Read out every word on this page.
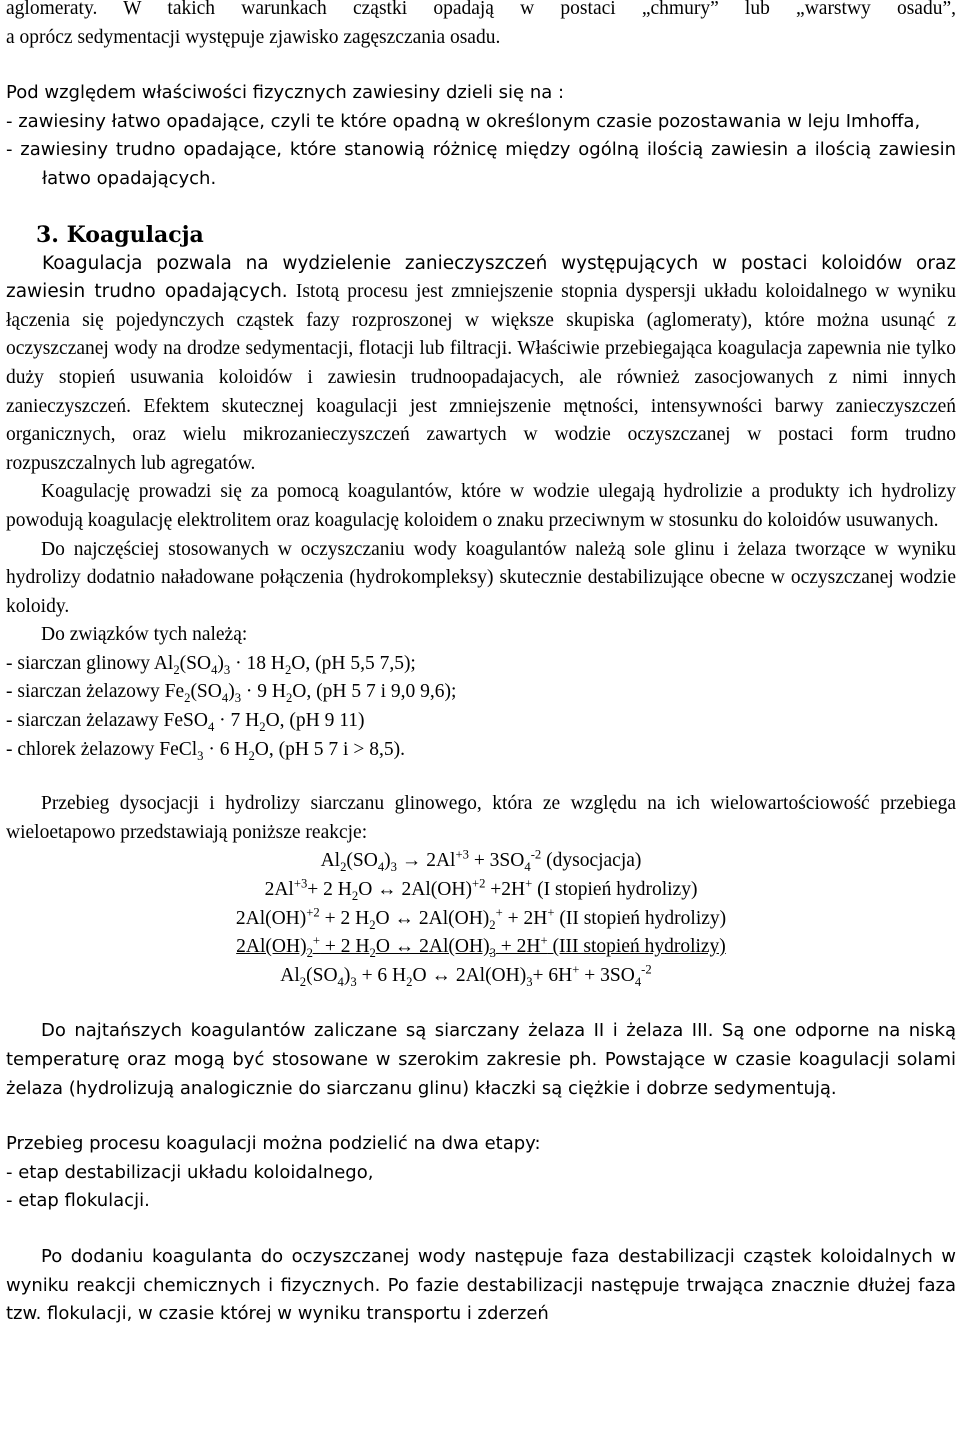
aglomeraty. W takich warunkach cząstki opadają w postaci „chmury” lub „warstwy osadu”,

a oprócz sedymentacji występuje zjawisko zagęszczania osadu.

Pod względem właściwości fizycznych zawiesiny dzieli się na :

- zawiesiny łatwo opadające, czyli te które opadną w określonym czasie pozostawania w leju Imhoffa,

- zawiesiny trudno opadające, które stanowią różnicę między ogólną ilością zawiesin a ilością zawiesin łatwo opadających.

3. Koagulacja

Koagulacja pozwala na wydzielenie zanieczyszczeń występujących w postaci koloidów oraz zawiesin trudno opadających. Istotą procesu jest zmniejszenie stopnia dyspersji układu koloidalnego w wyniku łączenia się pojedynczych cząstek fazy rozproszonej w większe skupiska (aglomeraty), które można usunąć z oczyszczanej wody na drodze sedymentacji, flotacji lub filtracji. Właściwie przebiegająca koagulacja zapewnia nie tylko duży stopień usuwania koloidów i zawiesin trudnoopadajacych, ale również zasocjowanych z nimi innych zanieczyszczeń. Efektem skutecznej koagulacji jest zmniejszenie mętności, intensywności barwy zanieczyszczeń organicznych, oraz wielu mikrozanieczyszczeń zawartych w wodzie oczyszczanej w postaci form trudno rozpuszczalnych lub agregatów.

Koagulację prowadzi się za pomocą koagulantów, które w wodzie ulegają hydrolizie a produkty ich hydrolizy powodują koagulację elektrolitem oraz koagulację koloidem o znaku przeciwnym w stosunku do koloidów usuwanych.

Do najczęściej stosowanych w oczyszczaniu wody koagulantów należą sole glinu i żelaza tworzące w wyniku hydrolizy dodatnio naładowane połączenia (hydrokompleksy) skutecznie destabilizujące obecne w oczyszczanej wodzie koloidy.

Do związków tych należą:

- siarczan glinowy $Al_2(SO_4)_3 \cdot 18$ $H_2O$, (pH 5,5 7,5);

- siarczan żelazowy $Fe_2(SO_4)_3 \cdot 9$ $H_2O$, (pH 5 7 i 9,0 9,6);

- siarczan żelazawy FeSO$_4$ · 7 $H_2O$, (pH 9 11)

- chlorek żelazowy FeCl$_3$ · 6 $H_2O$, (pH 5 7 i > 8,5).

Przebieg dysocjacji i hydrolizy siarczanu glinowego, która ze względu na ich wielowartościowość przebiega wieloetapowo przedstawiają poniższe reakcje:

$Al_2(SO_4)_3 \to 2Al^{+3} + 3SO_4^{-2}$ (dysocjacja)
$2Al^{+3}+ 2$ $H_2O$ ↔ 2Al(OH)$^{+2}$ +2H+ (I stopień hydrolizy)
2Al(OH)$^{+2}$ + 2 $H_2O$ ↔ $2Al(OH)_2^+ + 2H^+$ (II stopień hydrolizy)
$2Al(OH)_2^+ + 2$ $H_2O$ ↔ $2Al(OH)_3 + 2H^+$ (III stopień hydrolizy)
$Al_2(SO_4)_3 + 6$ $H_2O$ ↔ $2Al(OH)_3+ 6H^+ + 3SO_4^{-2}$

Do najtańszych koagulantów zaliczane są siarczany żelaza II i żelaza III. Są one odporne na niską temperaturę oraz mogą być stosowane w szerokim zakresie ph. Powstające w czasie koagulacji solami żelaza (hydrolizują analogicznie do siarczanu glinu) kłaczki są ciężkie i dobrze sedymentują.

Przebieg procesu koagulacji można podzielić na dwa etapy:

- etap destabilizacji układu koloidalnego,

- etap flokulacji.

Po dodaniu koagulanta do oczyszczanej wody następuje faza destabilizacji cząstek koloidalnych w wyniku reakcji chemicznych i fizycznych. Po fazie destabilizacji następuje trwająca znacznie dłużej faza tzw. flokulacji, w czasie której w wyniku transportu i zderzeń
